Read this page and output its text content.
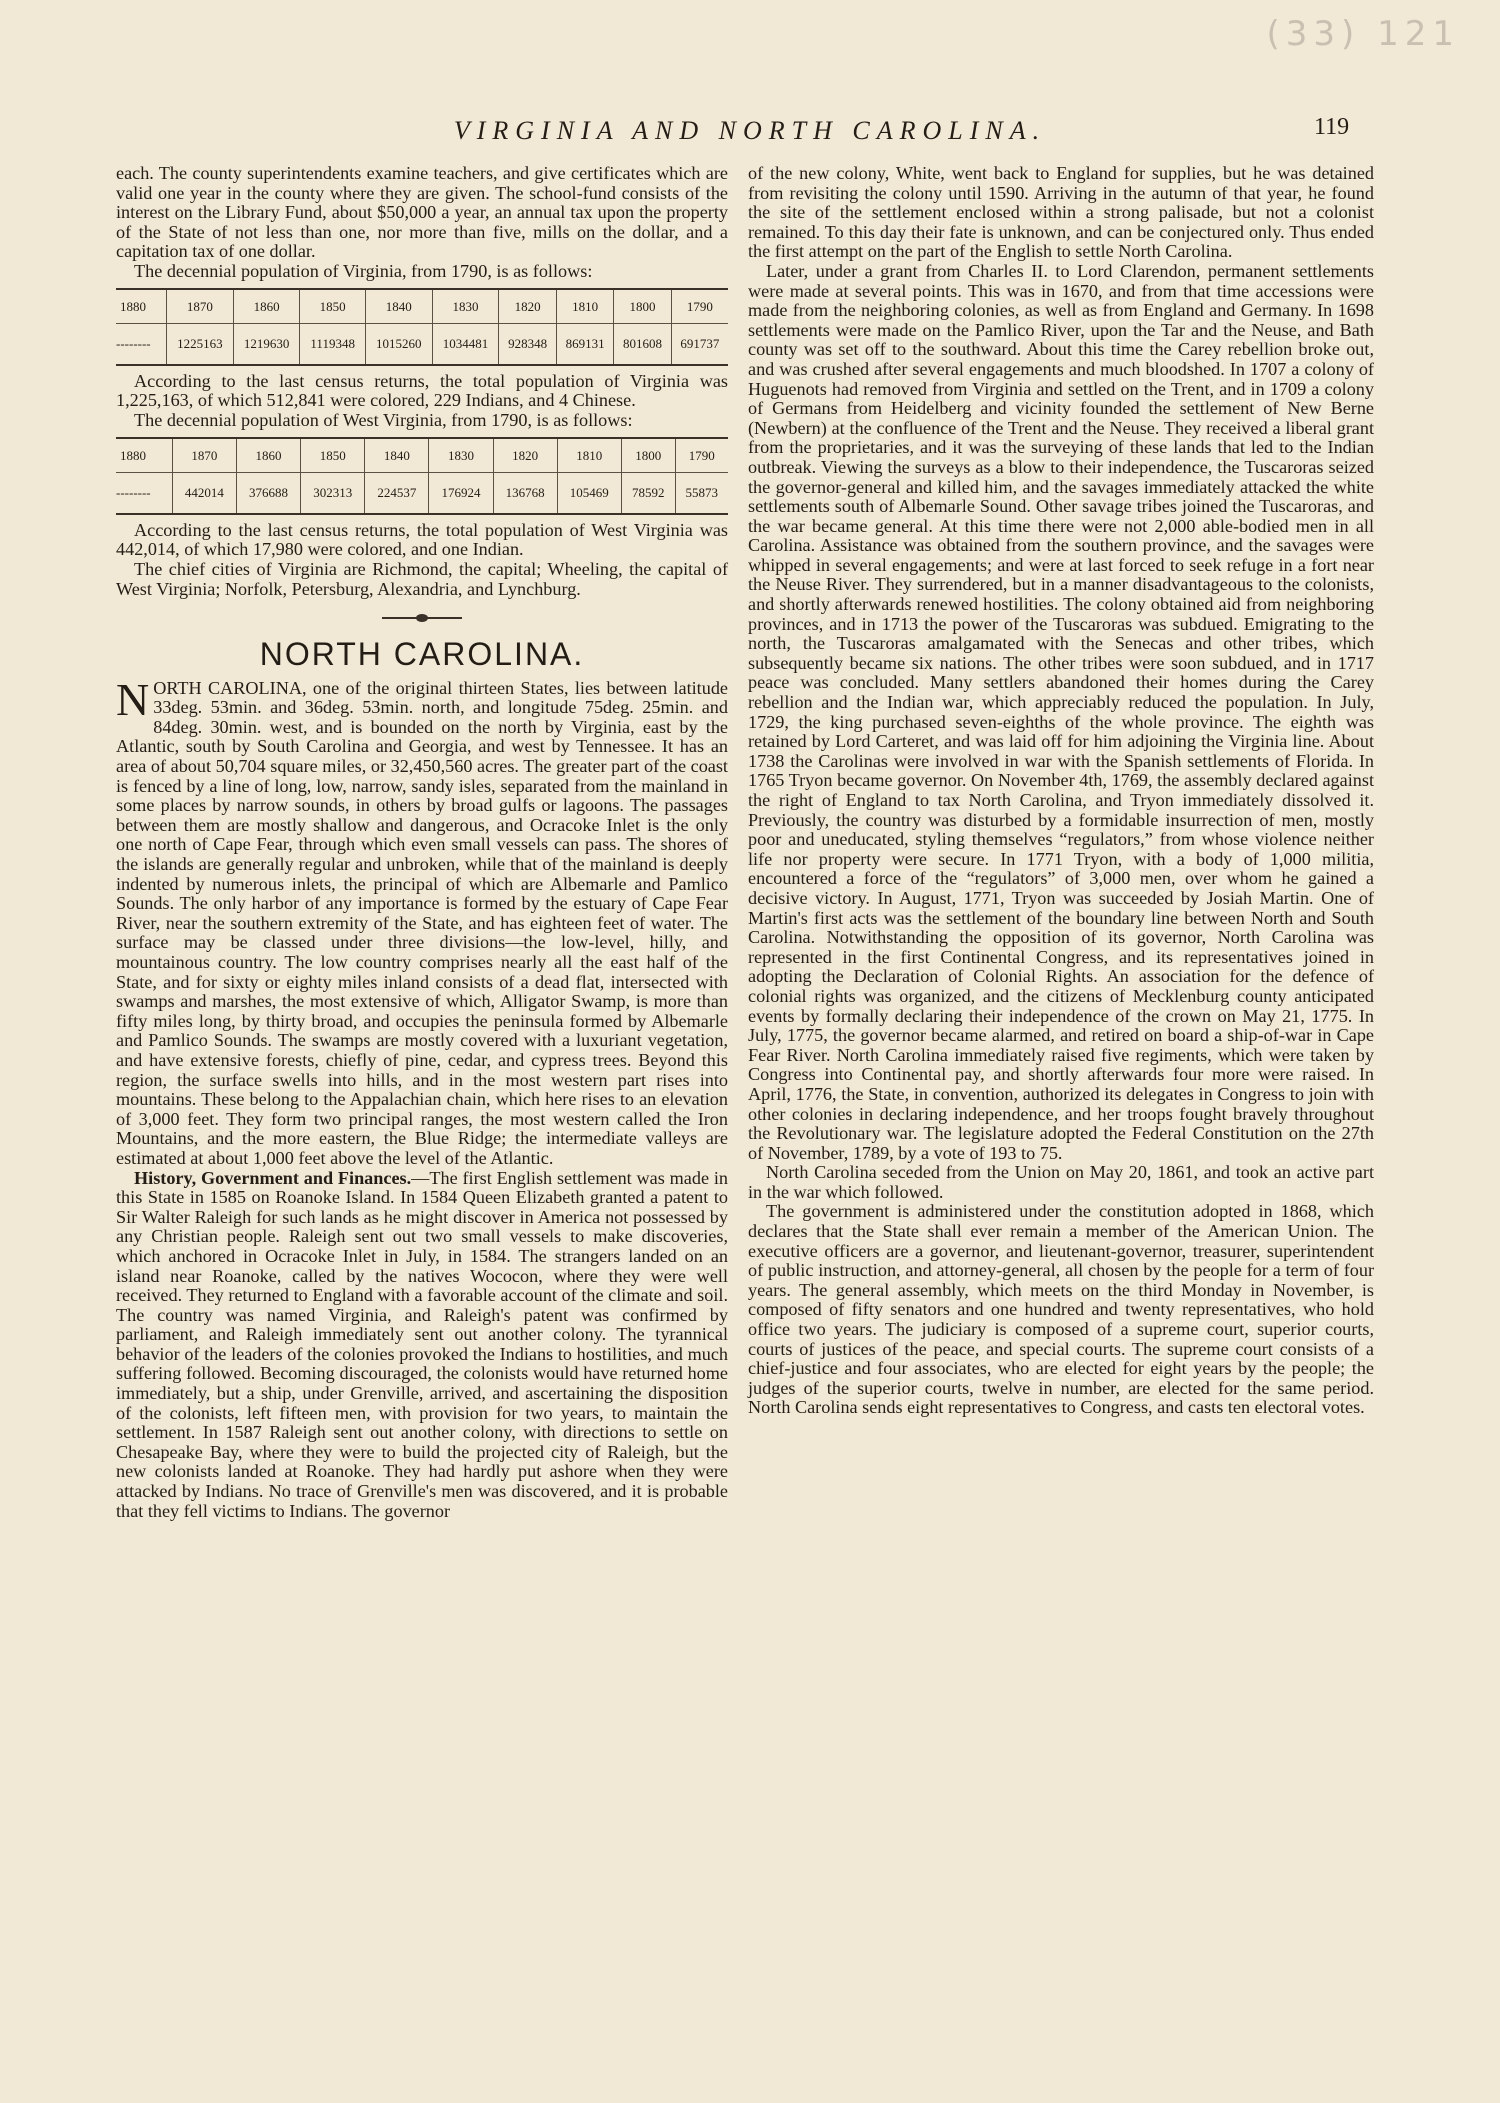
(33) 121
VIRGINIA AND NORTH CAROLINA.	119

each. The county superintendents examine teachers, and give certificates which are valid one year in the county where they are given. The school-fund consists of the interest on the Library Fund, about $50,000 a year, an annual tax upon the property of the State of not less than one, nor more than five, mills on the dollar, and a capitation tax of one dollar.

The decennial population of Virginia, from 1790, is as follows:

1880	1870	1860	1850	1840	1830	1820	1810	1800	1790
--------	1225163	1219630	1119348	1015260	1034481	928348	869131	801608	691737

According to the last census returns, the total population of Virginia was 1,225,163, of which 512,841 were colored, 229 Indians, and 4 Chinese.

The decennial population of West Virginia, from 1790, is as follows:

1880	1870	1860	1850	1840	1830	1820	1810	1800	1790
--------	442014	376688	302313	224537	176924	136768	105469	78592	55873

According to the last census returns, the total population of West Virginia was 442,014, of which 17,980 were colored, and one Indian.

The chief cities of Virginia are Richmond, the capital; Wheeling, the capital of West Virginia; Norfolk, Petersburg, Alexandria, and Lynchburg.

NORTH CAROLINA.

NORTH CAROLINA, one of the original thirteen States, lies between latitude 33deg. 53min. and 36deg. 53min. north, and longitude 75deg. 25min. and 84deg. 30min. west, and is bounded on the north by Virginia, east by the Atlantic, south by South Carolina and Georgia, and west by Tennessee. It has an area of about 50,704 square miles, or 32,450,560 acres. The greater part of the coast is fenced by a line of long, low, narrow, sandy isles, separated from the mainland in some places by narrow sounds, in others by broad gulfs or lagoons. The passages between them are mostly shallow and dangerous, and Ocracoke Inlet is the only one north of Cape Fear, through which even small vessels can pass. The shores of the islands are generally regular and unbroken, while that of the mainland is deeply indented by numerous inlets, the principal of which are Albemarle and Pamlico Sounds. The only harbor of any importance is formed by the estuary of Cape Fear River, near the southern extremity of the State, and has eighteen feet of water. The surface may be classed under three divisions—the low-level, hilly, and mountainous country. The low country comprises nearly all the east half of the State, and for sixty or eighty miles inland consists of a dead flat, intersected with swamps and marshes, the most extensive of which, Alligator Swamp, is more than fifty miles long, by thirty broad, and occupies the peninsula formed by Albemarle and Pamlico Sounds. The swamps are mostly covered with a luxuriant vegetation, and have extensive forests, chiefly of pine, cedar, and cypress trees. Beyond this region, the surface swells into hills, and in the most western part rises into mountains. These belong to the Appalachian chain, which here rises to an elevation of 3,000 feet. They form two principal ranges, the most western called the Iron Mountains, and the more eastern, the Blue Ridge; the intermediate valleys are estimated at about 1,000 feet above the level of the Atlantic.

History, Government and Finances.—The first English settlement was made in this State in 1585 on Roanoke Island. In 1584 Queen Elizabeth granted a patent to Sir Walter Raleigh for such lands as he might discover in America not possessed by any Christian people. Raleigh sent out two small vessels to make discoveries, which anchored in Ocracoke Inlet in July, in 1584. The strangers landed on an island near Roanoke, called by the natives Wococon, where they were well received. They returned to England with a favorable account of the climate and soil. The country was named Virginia, and Raleigh's patent was confirmed by parliament, and Raleigh immediately sent out another colony. The tyrannical behavior of the leaders of the colonies provoked the Indians to hostilities, and much suffering followed. Becoming discouraged, the colonists would have returned home immediately, but a ship, under Grenville, arrived, and ascertaining the disposition of the colonists, left fifteen men, with provision for two years, to maintain the settlement. In 1587 Raleigh sent out another colony, with directions to settle on Chesapeake Bay, where they were to build the projected city of Raleigh, but the new colonists landed at Roanoke. They had hardly put ashore when they were attacked by Indians. No trace of Grenville's men was discovered, and it is probable that they fell victims to Indians. The governor

of the new colony, White, went back to England for supplies, but he was detained from revisiting the colony until 1590. Arriving in the autumn of that year, he found the site of the settlement enclosed within a strong palisade, but not a colonist remained. To this day their fate is unknown, and can be conjectured only. Thus ended the first attempt on the part of the English to settle North Carolina.

Later, under a grant from Charles II. to Lord Clarendon, permanent settlements were made at several points. This was in 1670, and from that time accessions were made from the neighboring colonies, as well as from England and Germany. In 1698 settlements were made on the Pamlico River, upon the Tar and the Neuse, and Bath county was set off to the southward. About this time the Carey rebellion broke out, and was crushed after several engagements and much bloodshed. In 1707 a colony of Huguenots had removed from Virginia and settled on the Trent, and in 1709 a colony of Germans from Heidelberg and vicinity founded the settlement of New Berne (Newbern) at the confluence of the Trent and the Neuse. They received a liberal grant from the proprietaries, and it was the surveying of these lands that led to the Indian outbreak. Viewing the surveys as a blow to their independence, the Tuscaroras seized the governor-general and killed him, and the savages immediately attacked the white settlements south of Albemarle Sound. Other savage tribes joined the Tuscaroras, and the war became general. At this time there were not 2,000 able-bodied men in all Carolina. Assistance was obtained from the southern province, and the savages were whipped in several engagements; and were at last forced to seek refuge in a fort near the Neuse River. They surrendered, but in a manner disadvantageous to the colonists, and shortly afterwards renewed hostilities. The colony obtained aid from neighboring provinces, and in 1713 the power of the Tuscaroras was subdued. Emigrating to the north, the Tuscaroras amalgamated with the Senecas and other tribes, which subsequently became six nations. The other tribes were soon subdued, and in 1717 peace was concluded. Many settlers abandoned their homes during the Carey rebellion and the Indian war, which appreciably reduced the population. In July, 1729, the king purchased seven-eighths of the whole province. The eighth was retained by Lord Carteret, and was laid off for him adjoining the Virginia line. About 1738 the Carolinas were involved in war with the Spanish settlements of Florida. In 1765 Tryon became governor. On November 4th, 1769, the assembly declared against the right of England to tax North Carolina, and Tryon immediately dissolved it. Previously, the country was disturbed by a formidable insurrection of men, mostly poor and uneducated, styling themselves “regulators,” from whose violence neither life nor property were secure. In 1771 Tryon, with a body of 1,000 militia, encountered a force of the “regulators” of 3,000 men, over whom he gained a decisive victory. In August, 1771, Tryon was succeeded by Josiah Martin. One of Martin's first acts was the settlement of the boundary line between North and South Carolina. Notwithstanding the opposition of its governor, North Carolina was represented in the first Continental Congress, and its representatives joined in adopting the Declaration of Colonial Rights. An association for the defence of colonial rights was organized, and the citizens of Mecklenburg county anticipated events by formally declaring their independence of the crown on May 21, 1775. In July, 1775, the governor became alarmed, and retired on board a ship-of-war in Cape Fear River. North Carolina immediately raised five regiments, which were taken by Congress into Continental pay, and shortly afterwards four more were raised. In April, 1776, the State, in convention, authorized its delegates in Congress to join with other colonies in declaring independence, and her troops fought bravely throughout the Revolutionary war. The legislature adopted the Federal Constitution on the 27th of November, 1789, by a vote of 193 to 75.

North Carolina seceded from the Union on May 20, 1861, and took an active part in the war which followed.

The government is administered under the constitution adopted in 1868, which declares that the State shall ever remain a member of the American Union. The executive officers are a governor, and lieutenant-governor, treasurer, superintendent of public instruction, and attorney-general, all chosen by the people for a term of four years. The general assembly, which meets on the third Monday in November, is composed of fifty senators and one hundred and twenty representatives, who hold office two years. The judiciary is composed of a supreme court, superior courts, courts of justices of the peace, and special courts. The supreme court consists of a chief-justice and four associates, who are elected for eight years by the people; the judges of the superior courts, twelve in number, are elected for the same period. North Carolina sends eight representatives to Congress, and casts ten electoral votes.
